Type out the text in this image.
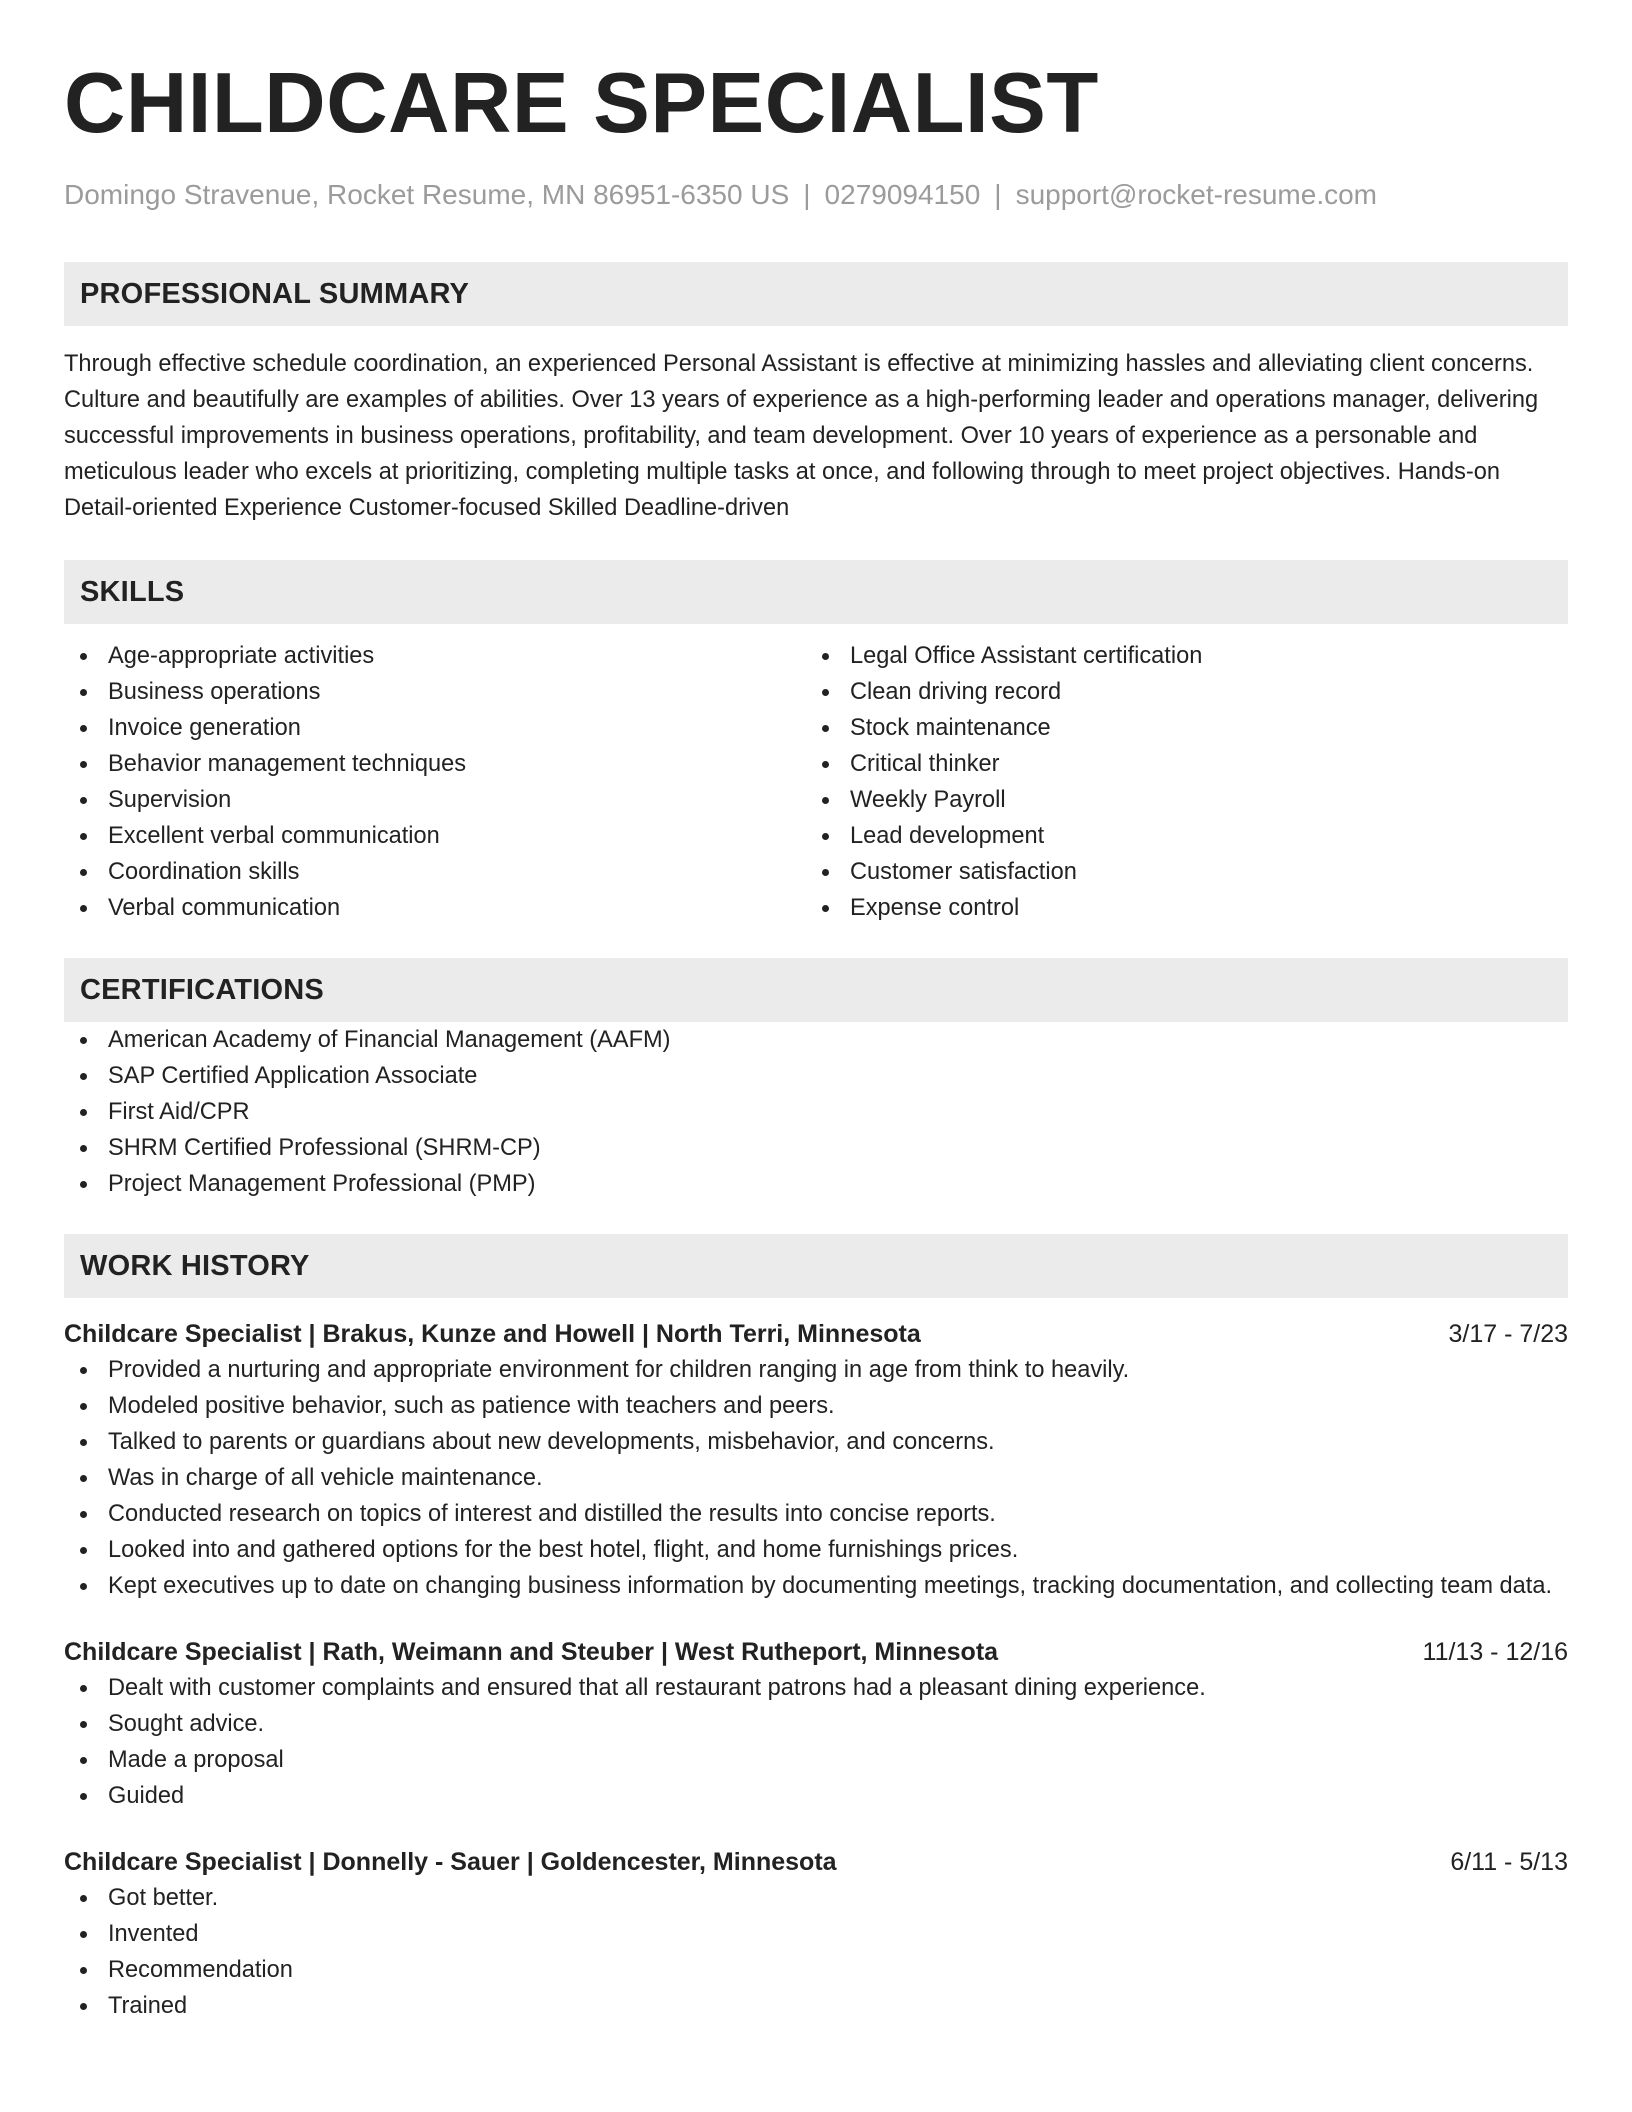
CHILDCARE SPECIALIST
Domingo Stravenue, Rocket Resume, MN 86951-6350 US | 0279094150 | support@rocket-resume.com
PROFESSIONAL SUMMARY

Through effective schedule coordination, an experienced Personal Assistant is effective at minimizing hassles and alleviating client concerns. Culture and beautifully are examples of abilities. Over 13 years of experience as a high-performing leader and operations manager, delivering successful improvements in business operations, profitability, and team development. Over 10 years of experience as a personable and meticulous leader who excels at prioritizing, completing multiple tasks at once, and following through to meet project objectives. Hands-on Detail-oriented Experience Customer-focused Skilled Deadline-driven

SKILLS
Age-appropriate activities
Business operations
Invoice generation
Behavior management techniques
Supervision
Excellent verbal communication
Coordination skills
Verbal communication
Legal Office Assistant certification
Clean driving record
Stock maintenance
Critical thinker
Weekly Payroll
Lead development
Customer satisfaction
Expense control
CERTIFICATIONS
American Academy of Financial Management (AAFM)
SAP Certified Application Associate
First Aid/CPR
SHRM Certified Professional (SHRM-CP)
Project Management Professional (PMP)
WORK HISTORY
Childcare Specialist | Brakus, Kunze and Howell | North Terri, Minnesota	3/17 - 7/23
Provided a nurturing and appropriate environment for children ranging in age from think to heavily.
Modeled positive behavior, such as patience with teachers and peers.
Talked to parents or guardians about new developments, misbehavior, and concerns.
Was in charge of all vehicle maintenance.
Conducted research on topics of interest and distilled the results into concise reports.
Looked into and gathered options for the best hotel, flight, and home furnishings prices.
Kept executives up to date on changing business information by documenting meetings, tracking documentation, and collecting team data.
Childcare Specialist | Rath, Weimann and Steuber | West Rutheport, Minnesota	11/13 - 12/16
Dealt with customer complaints and ensured that all restaurant patrons had a pleasant dining experience.
Sought advice.
Made a proposal
Guided
Childcare Specialist | Donnelly - Sauer | Goldencester, Minnesota	6/11 - 5/13
Got better.
Invented
Recommendation
Trained
